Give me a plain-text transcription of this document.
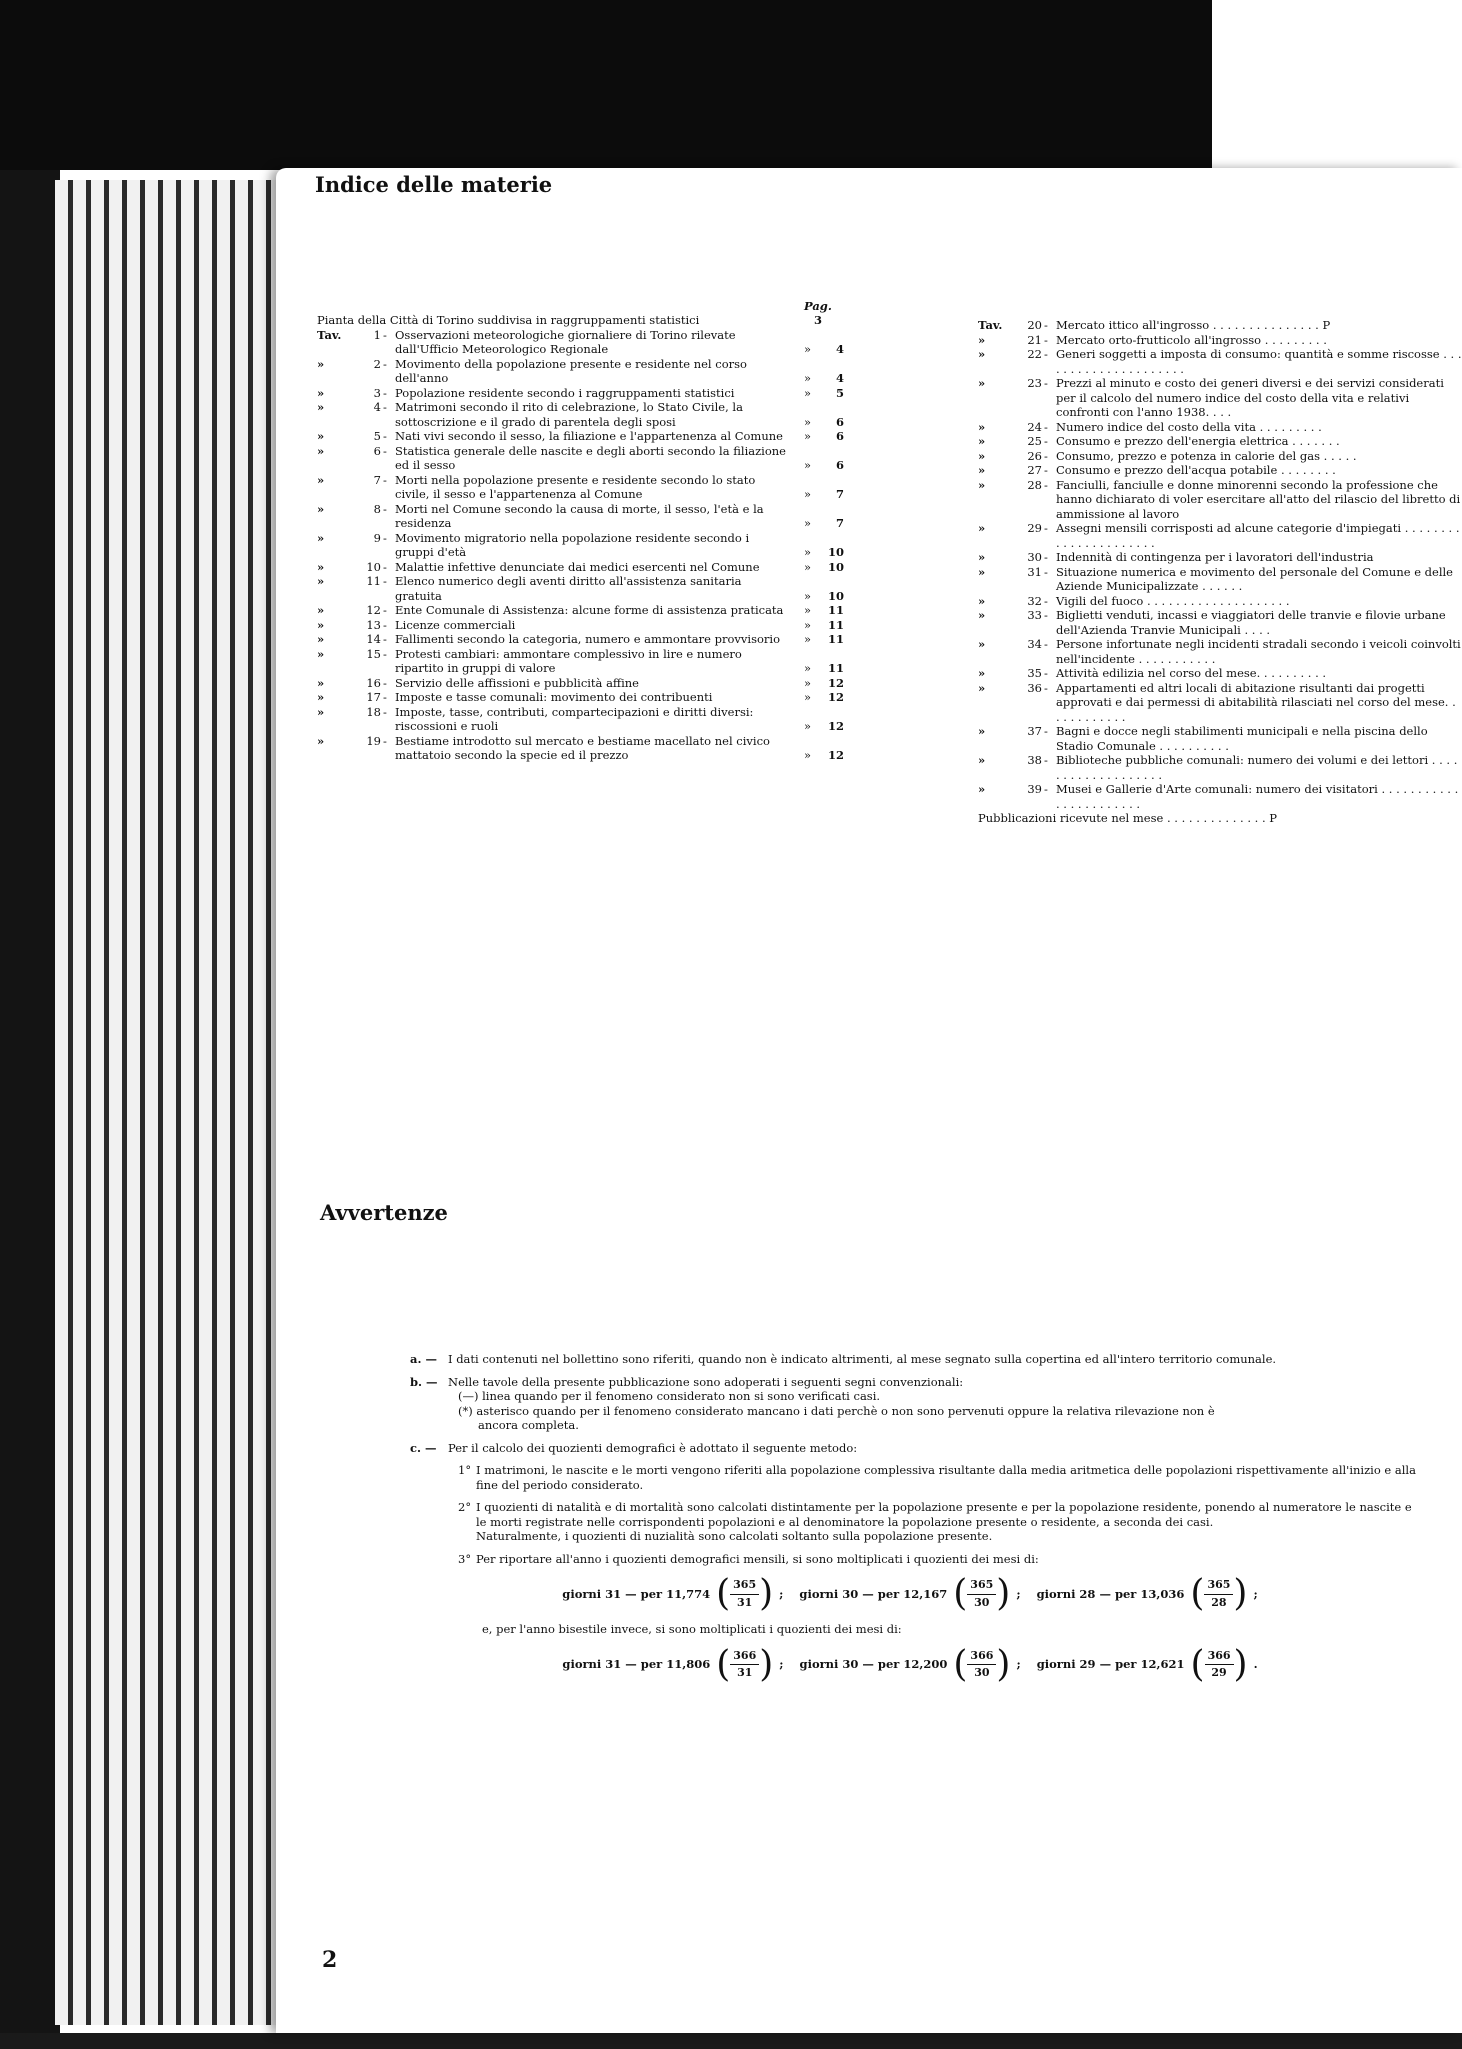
Indice delle materie
Pianta della Città di Torino suddivisa in raggruppamenti statistici
Pag. 3
Tav.	1 - Osservazioni meteorologiche giornaliere di Torino rilevate dall'Ufficio Meteorologico Regionale	» 4
»	2 - Movimento della popolazione presente e residente nel corso dell'anno	» 4
»	3 - Popolazione residente secondo i raggruppamenti statistici	» 5
»	4 - Matrimoni secondo il rito di celebrazione, lo Stato Civile, la sottoscrizione e il grado di parentela degli sposi	» 6
»	5 - Nati vivi secondo il sesso, la filiazione e l'appartenenza al Comune	» 6
»	6 - Statistica generale delle nascite e degli aborti secondo la filiazione ed il sesso	» 6
»	7 - Morti nella popolazione presente e residente secondo lo stato civile, il sesso e l'appartenenza al Comune	» 7
»	8 - Morti nel Comune secondo la causa di morte, il sesso, l'età e la residenza	» 7
»	9 - Movimento migratorio nella popolazione residente secondo i gruppi d'età	» 10
»	10 - Malattie infettive denunciate dai medici esercenti nel Comune	» 10
»	11 - Elenco numerico degli aventi diritto all'assistenza sanitaria gratuita	» 10
»	12 - Ente Comunale di Assistenza: alcune forme di assistenza praticata	» 11
»	13 - Licenze commerciali	» 11
»	14 - Fallimenti secondo la categoria, numero e ammontare provvisorio	» 11
»	15 - Protesti cambiari: ammontare complessivo in lire e numero ripartito in gruppi di valore	» 11
»	16 - Servizio delle affissioni e pubblicità affine	» 12
»	17 - Imposte e tasse comunali: movimento dei contribuenti	» 12
»	18 - Imposte, tasse, contributi, compartecipazioni e diritti diversi: riscossioni e ruoli	» 12
»	19 - Bestiame introdotto sul mercato e bestiame macellato nel civico mattatoio secondo la specie ed il prezzo	» 12
Tav.	20 - Mercato ittico all'ingrosso . . . . . . . . . . . . . . . P
»	21 - Mercato orto-frutticolo all'ingrosso . . . . . . . . .
»	22 - Generi soggetti a imposta di consumo: quantità e somme riscosse . . . . . . . . . . . . . . . . . . . . .
»	23 - Prezzi al minuto e costo dei generi diversi e dei servizi considerati per il calcolo del numero indice del costo della vita e relativi confronti con l'anno 1938. . . .
»	24 - Numero indice del costo della vita . . . . . . . . .
»	25 - Consumo e prezzo dell'energia elettrica . . . . . . .
»	26 - Consumo, prezzo e potenza in calorie del gas . . . . .
»	27 - Consumo e prezzo dell'acqua potabile . . . . . . . .
»	28 - Fanciulli, fanciulle e donne minorenni secondo la professione che hanno dichiarato di voler esercitare all'atto del rilascio del libretto di ammissione al lavoro
»	29 - Assegni mensili corrisposti ad alcune categorie d'impiegati . . . . . . . . . . . . . . . . . . . . . .
»	30 - Indennità di contingenza per i lavoratori dell'industria
»	31 - Situazione numerica e movimento del personale del Comune e delle Aziende Municipalizzate . . . . . .
»	32 - Vigili del fuoco . . . . . . . . . . . . . . . . . . . .
»	33 - Biglietti venduti, incassi e viaggiatori delle tranvie e filovie urbane dell'Azienda Tranvie Municipali . . . .
»	34 - Persone infortunate negli incidenti stradali secondo i veicoli coinvolti nell'incidente . . . . . . . . . . .
»	35 - Attività edilizia nel corso del mese. . . . . . . . . .
»	36 - Appartamenti ed altri locali di abitazione risultanti dai progetti approvati e dai permessi di abitabilità rilasciati nel corso del mese. . . . . . . . . . . .
»	37 - Bagni e docce negli stabilimenti municipali e nella piscina dello Stadio Comunale . . . . . . . . . .
»	38 - Biblioteche pubbliche comunali: numero dei volumi e dei lettori . . . . . . . . . . . . . . . . . . .
»	39 - Musei e Gallerie d'Arte comunali: numero dei visitatori . . . . . . . . . . . . . . . . . . . . . . .
Pubblicazioni ricevute nel mese . . . . . . . . . . . . . . P
Avvertenze
a. — I dati contenuti nel bollettino sono riferiti, quando non è indicato altrimenti, al mese segnato sulla copertina ed all'intero territorio comunale.
b. — Nelle tavole della presente pubblicazione sono adoperati i seguenti segni convenzionali:
(—) linea quando per il fenomeno considerato non si sono verificati casi.
(*) asterisco quando per il fenomeno considerato mancano i dati perchè o non sono pervenuti oppure la relativa rilevazione non è
ancora completa.
c. — Per il calcolo dei quozienti demografici è adottato il seguente metodo:
1° I matrimoni, le nascite e le morti vengono riferiti alla popolazione complessiva risultante dalla media aritmetica delle popolazioni rispettivamente all'inizio e alla fine del periodo considerato.
2° I quozienti di natalità e di mortalità sono calcolati distintamente per la popolazione presente e per la popolazione residente, ponendo al numeratore le nascite e le morti registrate nelle corrispondenti popolazioni e al denominatore la popolazione presente o residente, a seconda dei casi.
Naturalmente, i quozienti di nuzialità sono calcolati soltanto sulla popolazione presente.
3° Per riportare all'anno i quozienti demografici mensili, si sono moltiplicati i quozienti dei mesi di:
giorni 31 — per 11,774 ( $\frac{365}{31}$ ) ; giorni 30 — per 12,167 ( $\frac{365}{30}$ ) ; giorni 28 — per 13,036 ( $\frac{365}{28}$ ) ;
e, per l'anno bisestile invece, si sono moltiplicati i quozienti dei mesi di:
giorni 31 — per 11,806 ( $\frac{366}{31}$ ) ; giorni 30 — per 12,200 ( $\frac{366}{30}$ ) ; giorni 29 — per 12,621 ( $\frac{366}{29}$ ) .
2
